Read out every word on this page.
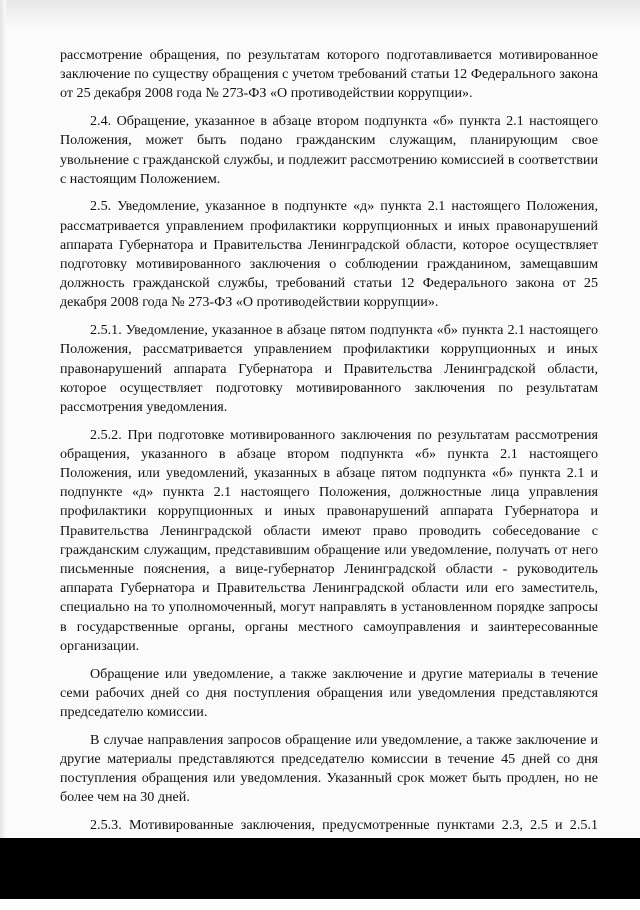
рассмотрение обращения, по результатам которого подготавливается мотивированное заключение по существу обращения с учетом требований статьи 12 Федерального закона от 25 декабря 2008 года № 273-ФЗ «О противодействии коррупции».

2.4. Обращение, указанное в абзаце втором подпункта «б» пункта 2.1 настоящего Положения, может быть подано гражданским служащим, планирующим свое увольнение с гражданской службы, и подлежит рассмотрению комиссией в соответствии с настоящим Положением.

2.5. Уведомление, указанное в подпункте «д» пункта 2.1 настоящего Положения, рассматривается управлением профилактики коррупционных и иных правонарушений аппарата Губернатора и Правительства Ленинградской области, которое осуществляет подготовку мотивированного заключения о соблюдении гражданином, замещавшим должность гражданской службы, требований статьи 12 Федерального закона от 25 декабря 2008 года № 273-ФЗ «О противодействии коррупции».

2.5.1. Уведомление, указанное в абзаце пятом подпункта «б» пункта 2.1 настоящего Положения, рассматривается управлением профилактики коррупционных и иных правонарушений аппарата Губернатора и Правительства Ленинградской области, которое осуществляет подготовку мотивированного заключения по результатам рассмотрения уведомления.

2.5.2. При подготовке мотивированного заключения по результатам рассмотрения обращения, указанного в абзаце втором подпункта «б» пункта 2.1 настоящего Положения, или уведомлений, указанных в абзаце пятом подпункта «б» пункта 2.1 и подпункте «д» пункта 2.1 настоящего Положения, должностные лица управления профилактики коррупционных и иных правонарушений аппарата Губернатора и Правительства Ленинградской области имеют право проводить собеседование с гражданским служащим, представившим обращение или уведомление, получать от него письменные пояснения, а вице-губернатор Ленинградской области - руководитель аппарата Губернатора и Правительства Ленинградской области или его заместитель, специально на то уполномоченный, могут направлять в установленном порядке запросы в государственные органы, органы местного самоуправления и заинтересованные организации.

Обращение или уведомление, а также заключение и другие материалы в течение семи рабочих дней со дня поступления обращения или уведомления представляются председателю комиссии.

В случае направления запросов обращение или уведомление, а также заключение и другие материалы представляются председателю комиссии в течение 45 дней со дня поступления обращения или уведомления. Указанный срок может быть продлен, но не более чем на 30 дней.

2.5.3. Мотивированные заключения, предусмотренные пунктами 2.3, 2.5 и 2.5.1
